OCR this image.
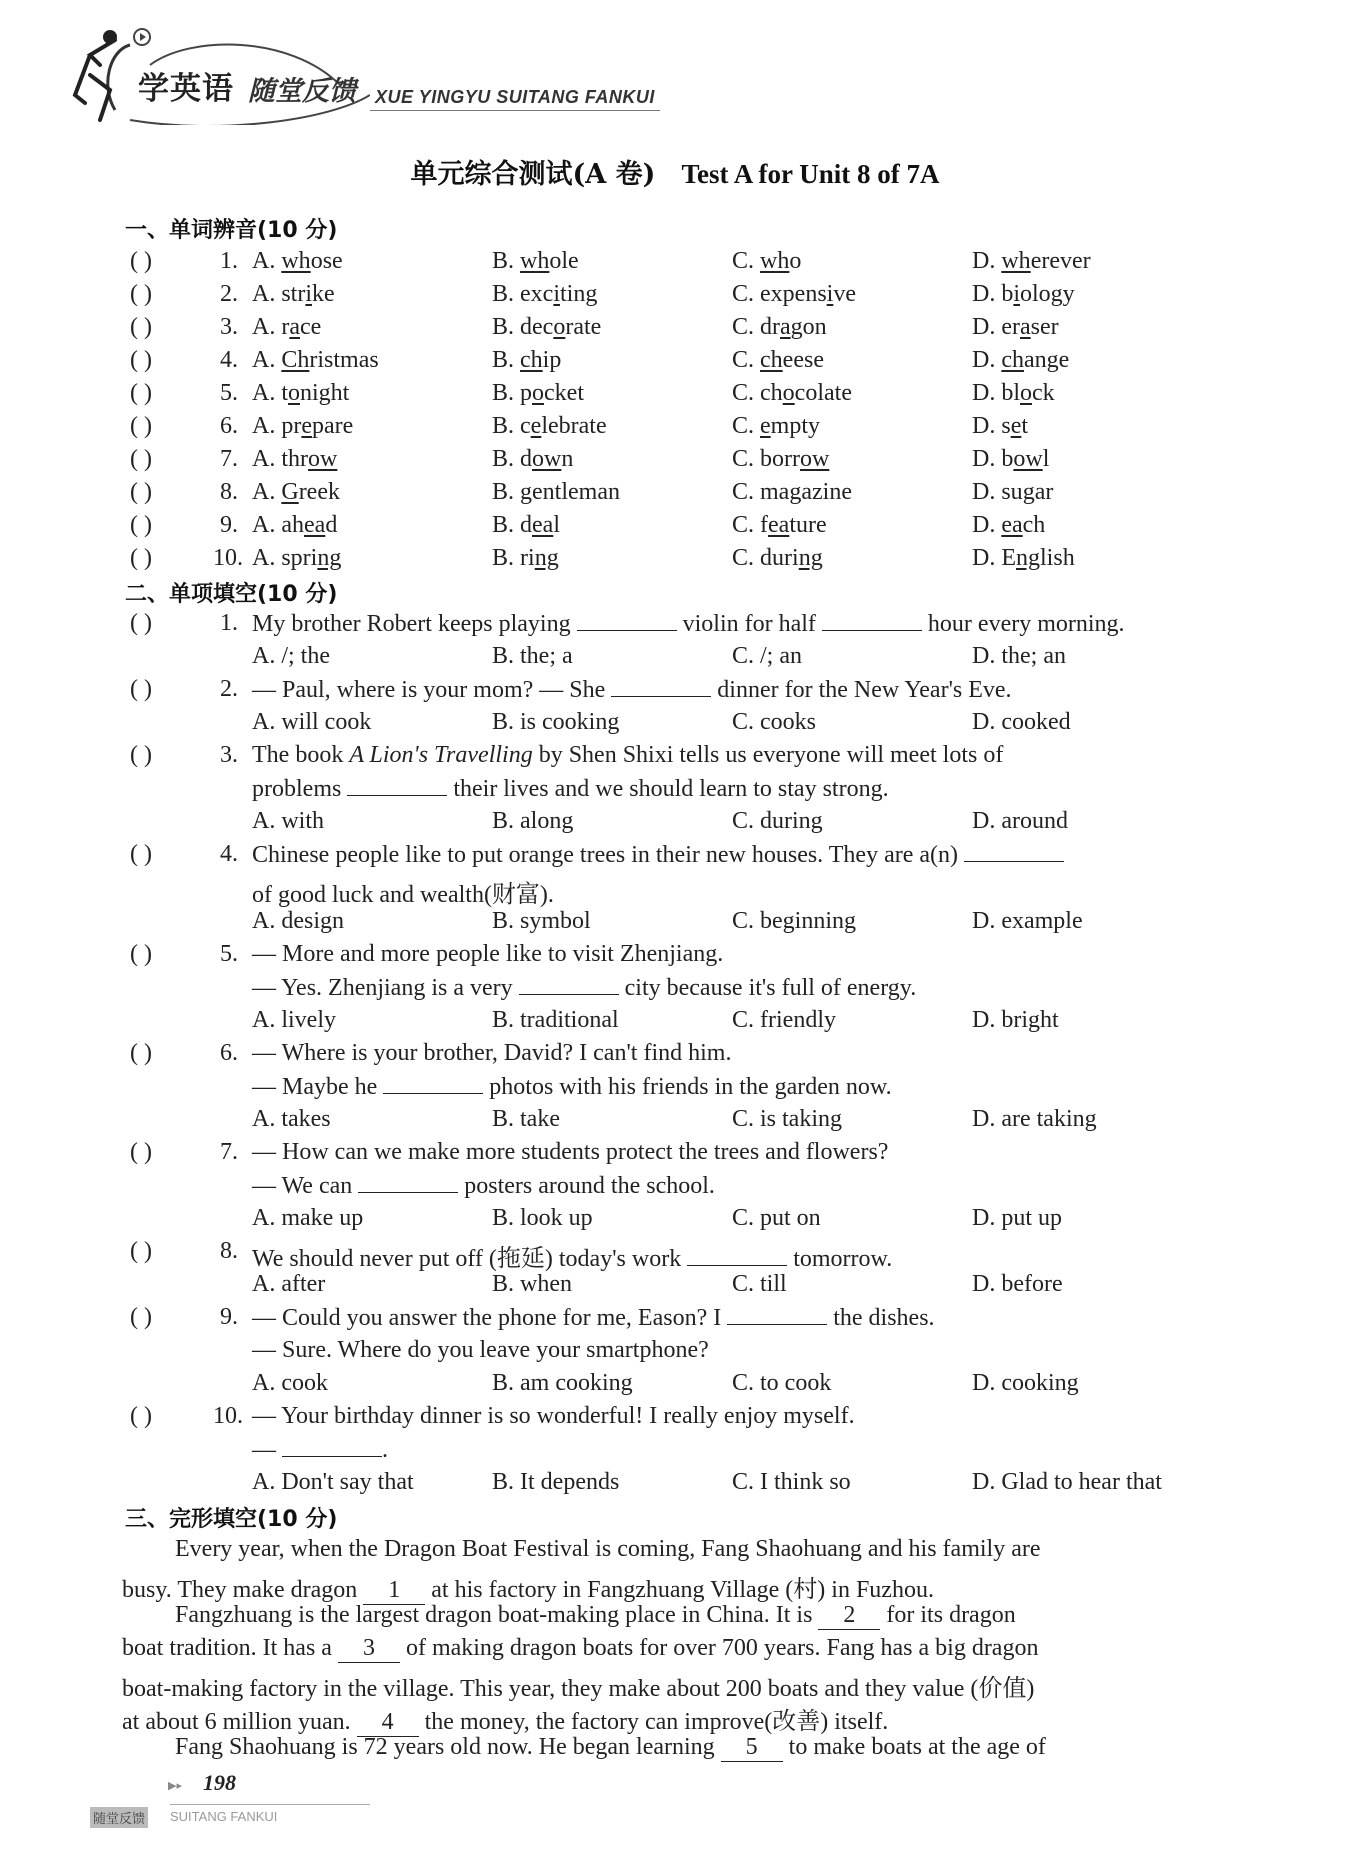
学英语 随堂反馈 XUE YINGYU SUITANG FANKUI
单元综合测试(A 卷) Test A for Unit 8 of 7A
一、单词辨音(10 分)
( )	1. A. whose	B. whole	C. who	D. wherever
( )	2. A. strike	B. exciting	C. expensive	D. biology
( )	3. A. race	B. decorate	C. dragon	D. eraser
( )	4. A. Christmas	B. chip	C. cheese	D. change
( )	5. A. tonight	B. pocket	C. chocolate	D. block
( )	6. A. prepare	B. celebrate	C. empty	D. set
( )	7. A. throw	B. down	C. borrow	D. bowl
( )	8. A. Greek	B. gentleman	C. magazine	D. sugar
( )	9. A. ahead	B. deal	C. feature	D. each
( )	10. A. spring	B. ring	C. during	D. English
二、单项填空(10 分)
( )	1. My brother Robert keeps playing	violin for half	hour every morning.
A. /; the	B. the; a	C. /; an	D. the; an
( )	2. — Paul, where is your mom? — She	dinner for the New Year's Eve.
A. will cook	B. is cooking	C. cooks	D. cooked
( )	3. The book A Lion's Travelling by Shen Shixi tells us everyone will meet lots of
problems	their lives and we should learn to stay strong.
A. with	B. along	C. during	D. around
( )	4. Chinese people like to put orange trees in their new houses. They are a(n)
of good luck and wealth(财富).
A. design	B. symbol	C. beginning	D. example
( )	5. — More and more people like to visit Zhenjiang.
— Yes. Zhenjiang is a very	city because it's full of energy.
A. lively	B. traditional	C. friendly	D. bright
( )	6. — Where is your brother, David? I can't find him.
— Maybe he	photos with his friends in the garden now.
A. takes	B. take	C. is taking	D. are taking
( )	7. — How can we make more students protect the trees and flowers?
— We can	posters around the school.
A. make up	B. look up	C. put on	D. put up
( )	8. We should never put off (拖延) today's work	tomorrow.
A. after	B. when	C. till	D. before
( )	9. — Could you answer the phone for me, Eason? I	the dishes.
— Sure. Where do you leave your smartphone?
A. cook	B. am cooking	C. to cook	D. cooking
( )	10. — Your birthday dinner is so wonderful! I really enjoy myself.
—	.
A. Don't say that	B. It depends	C. I think so	D. Glad to hear that
三、完形填空(10 分)
Every year, when the Dragon Boat Festival is coming, Fang Shaohuang and his family are
busy. They make dragon 1 at his factory in Fangzhuang Village (村) in Fuzhou.
Fangzhuang is the largest dragon boat-making place in China. It is 2 for its dragon
boat tradition. It has a 3 of making dragon boats for over 700 years. Fang has a big dragon
boat-making factory in the village. This year, they make about 200 boats and they value (价值)
at about 6 million yuan. 4 the money, the factory can improve(改善) itself.
Fang Shaohuang is 72 years old now. He began learning 5 to make boats at the age of
▶▸ 198
随堂反馈 SUITANG FANKUI
